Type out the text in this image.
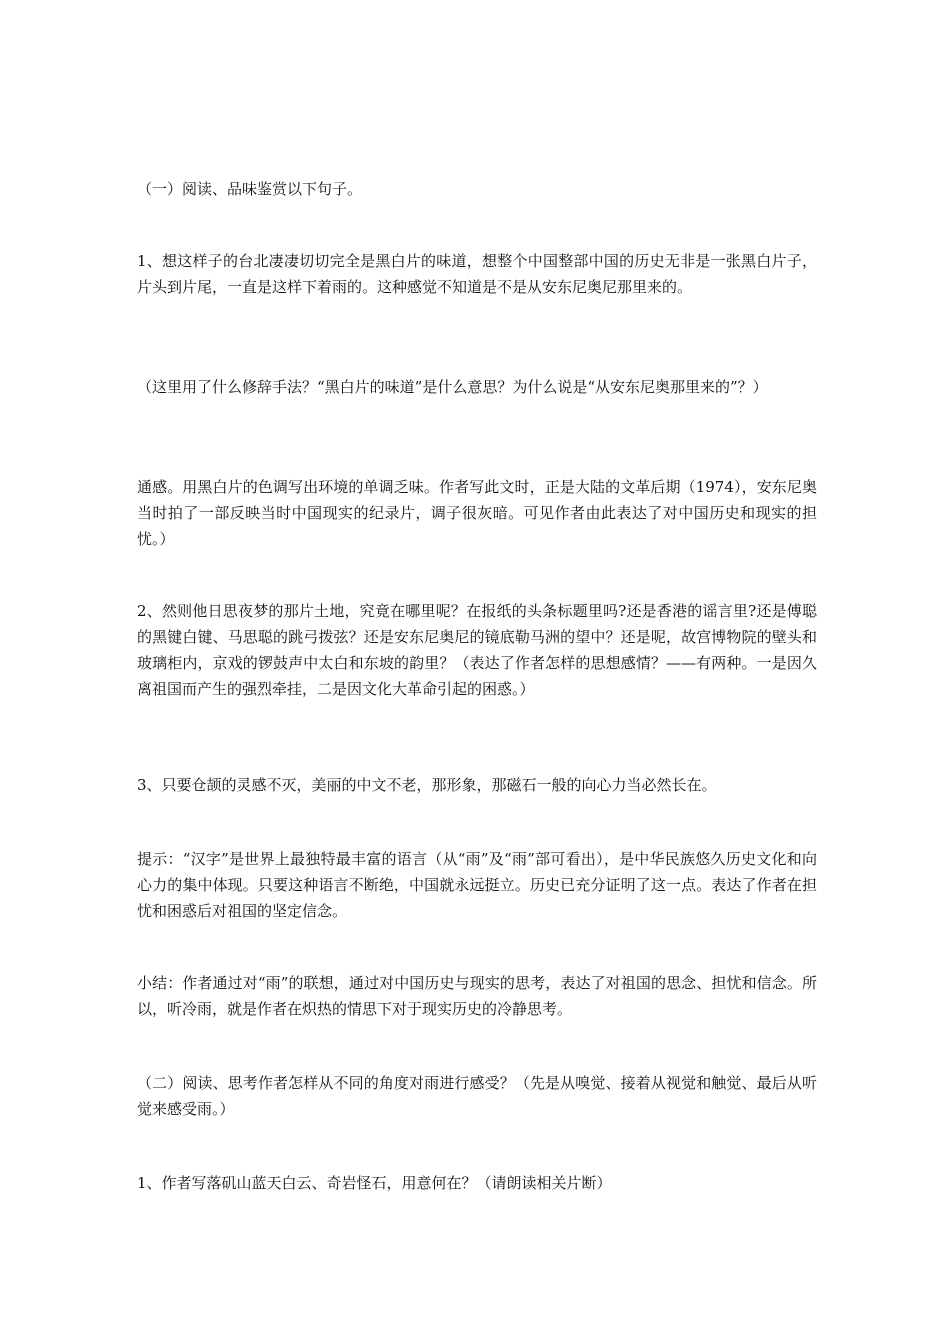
（一）阅读、品味鉴赏以下句子。

1、想这样子的台北凄凄切切完全是黑白片的味道，想整个中国整部中国的历史无非是一张黑白片子，片头到片尾，一直是这样下着雨的。这种感觉不知道是不是从安东尼奥尼那里来的。

（这里用了什么修辞手法？“黑白片的味道”是什么意思？为什么说是“从安东尼奥那里来的”？）

通感。用黑白片的色调写出环境的单调乏味。作者写此文时，正是大陆的文革后期（1974），安东尼奥当时拍了一部反映当时中国现实的纪录片，调子很灰暗。可见作者由此表达了对中国历史和现实的担忧。）

2、然则他日思夜梦的那片土地，究竟在哪里呢？在报纸的头条标题里吗?还是香港的谣言里?还是傅聪的黑键白键、马思聪的跳弓拨弦？还是安东尼奥尼的镜底勒马洲的望中？还是呢，故宫博物院的壁头和玻璃柜内，京戏的锣鼓声中太白和东坡的韵里？（表达了作者怎样的思想感情？——有两种。一是因久离祖国而产生的强烈牵挂，二是因文化大革命引起的困惑。）

3、只要仓颉的灵感不灭，美丽的中文不老，那形象，那磁石一般的向心力当必然长在。

提示：“汉字”是世界上最独特最丰富的语言（从“雨”及“雨”部可看出），是中华民族悠久历史文化和向心力的集中体现。只要这种语言不断绝，中国就永远挺立。历史已充分证明了这一点。表达了作者在担忧和困惑后对祖国的坚定信念。

小结：作者通过对“雨”的联想，通过对中国历史与现实的思考，表达了对祖国的思念、担忧和信念。所以，听冷雨，就是作者在炽热的情思下对于现实历史的冷静思考。

（二）阅读、思考作者怎样从不同的角度对雨进行感受？（先是从嗅觉、接着从视觉和触觉、最后从听觉来感受雨。）

1、作者写落矶山蓝天白云、奇岩怪石，用意何在？（请朗读相关片断）
